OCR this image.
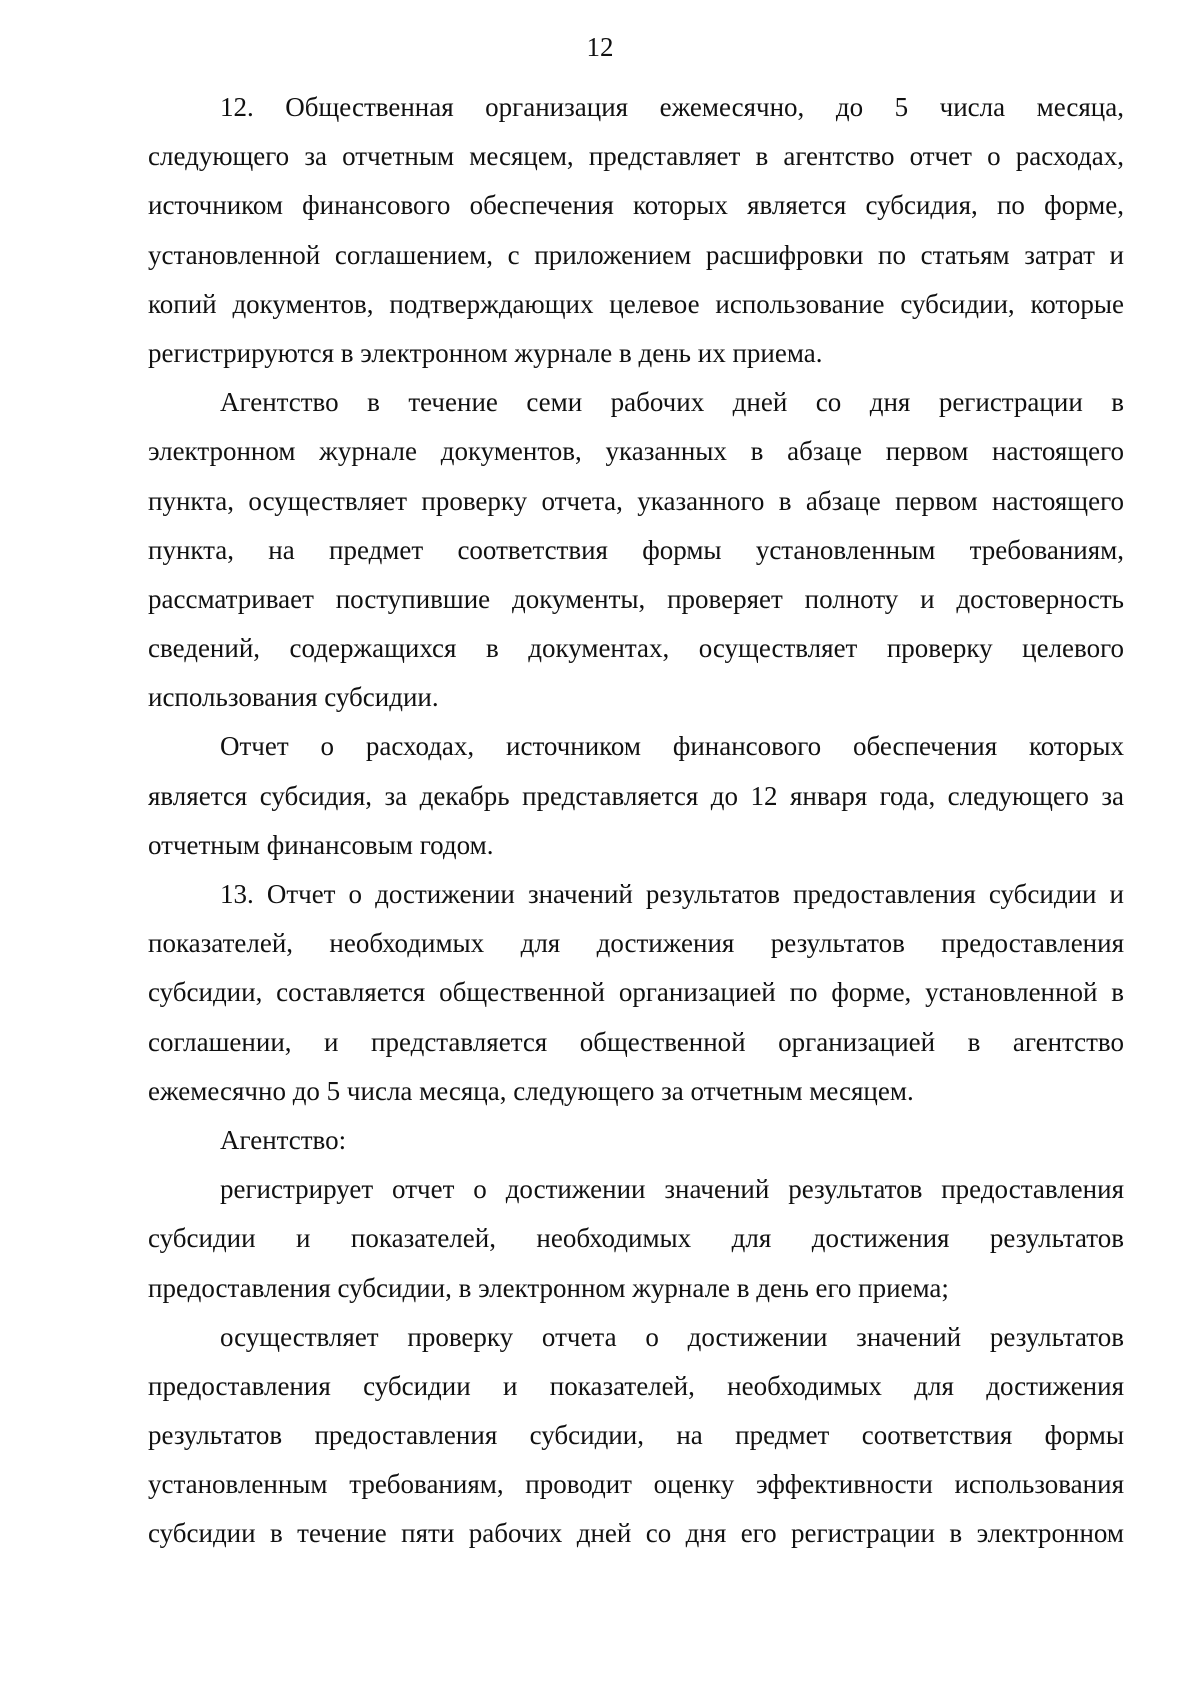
12
12. Общественная организация ежемесячно, до 5 числа месяца,
следующего за отчетным месяцем, представляет в агентство отчет о расходах,
источником финансового обеспечения которых является субсидия, по форме,
установленной соглашением, с приложением расшифровки по статьям затрат и
копий документов, подтверждающих целевое использование субсидии, которые
регистрируются в электронном журнале в день их приема.
Агентство в течение семи рабочих дней со дня регистрации в
электронном журнале документов, указанных в абзаце первом настоящего
пункта, осуществляет проверку отчета, указанного в абзаце первом настоящего
пункта, на предмет соответствия формы установленным требованиям,
рассматривает поступившие документы, проверяет полноту и достоверность
сведений, содержащихся в документах, осуществляет проверку целевого
использования субсидии.
Отчет о расходах, источником финансового обеспечения которых
является субсидия, за декабрь представляется до 12 января года, следующего за
отчетным финансовым годом.
13. Отчет о достижении значений результатов предоставления субсидии и
показателей, необходимых для достижения результатов предоставления
субсидии, составляется общественной организацией по форме, установленной в
соглашении, и представляется общественной организацией в агентство
ежемесячно до 5 числа месяца, следующего за отчетным месяцем.
Агентство:
регистрирует отчет о достижении значений результатов предоставления
субсидии и показателей, необходимых для достижения результатов
предоставления субсидии, в электронном журнале в день его приема;
осуществляет проверку отчета о достижении значений результатов
предоставления субсидии и показателей, необходимых для достижения
результатов предоставления субсидии, на предмет соответствия формы
установленным требованиям, проводит оценку эффективности использования
субсидии в течение пяти рабочих дней со дня его регистрации в электронном
